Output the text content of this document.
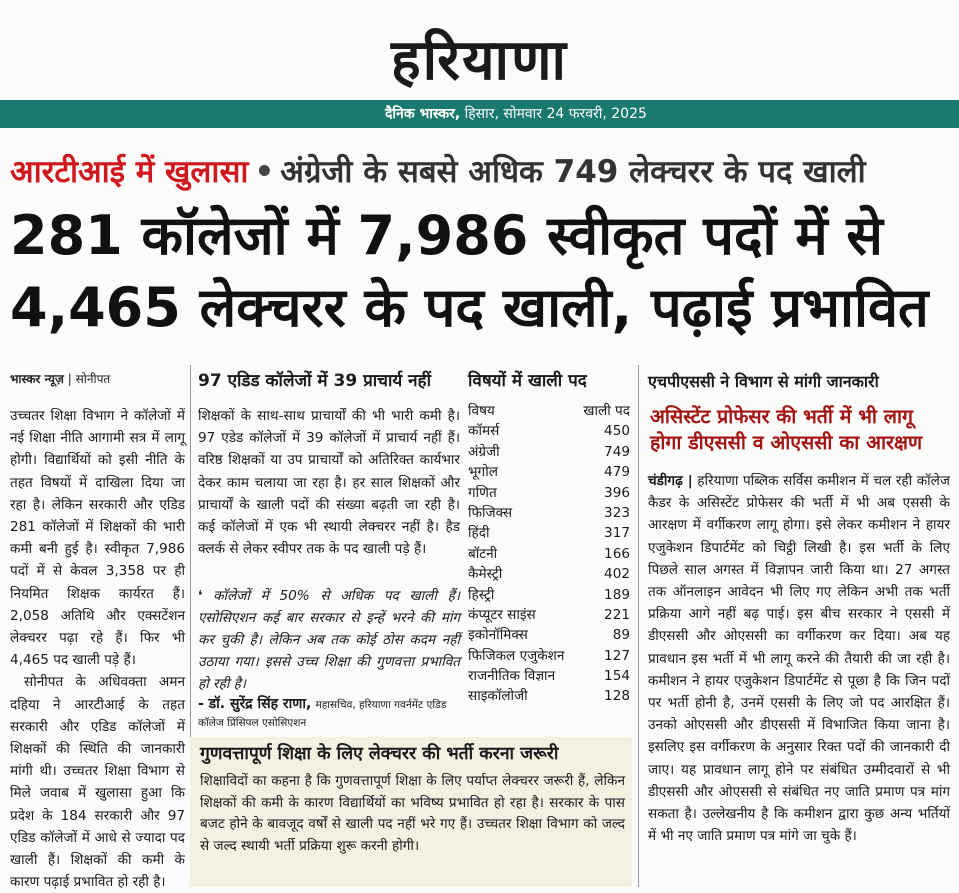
हरियाणा
दैनिक भास्कर, हिसार, सोमवार 24 फरवरी, 2025
आरटीआई में खुलासा • अंग्रेजी के सबसे अधिक 749 लेक्चरर के पद खाली
281 कॉलेजों में 7,986 स्वीकृत पदों में से
4,465 लेक्चरर के पद खाली, पढ़ाई प्रभावित
भास्कर न्यूज़ | सोनीपत
उच्चतर शिक्षा विभाग ने कॉलेजों में नई शिक्षा नीति आगामी सत्र में लागू होगी। विद्यार्थियों को इसी नीति के तहत विषयों में दाखिला दिया जा रहा है। लेकिन सरकारी और एडिड 281 कॉलेजों में शिक्षकों की भारी कमी बनी हुई है। स्वीकृत 7,986 पदों में से केवल 3,358 पर ही नियमित शिक्षक कार्यरत हैं। 2,058 अतिथि और एक्सटेंशन लेक्चरर पढ़ा रहे हैं। फिर भी 4,465 पद खाली पड़े हैं।
सोनीपत के अधिवक्ता अमन दहिया ने आरटीआई के तहत सरकारी और एडिड कॉलेजों में शिक्षकों की स्थिति की जानकारी मांगी थी। उच्चतर शिक्षा विभाग से मिले जवाब में खुलासा हुआ कि प्रदेश के 184 सरकारी और 97 एडिड कॉलेजों में आधे से ज्यादा पद खाली हैं। शिक्षकों की कमी के कारण पढ़ाई प्रभावित हो रही है।
97 एडिड कॉलेजों में 39 प्राचार्य नहीं
शिक्षकों के साथ-साथ प्राचार्यों की भी भारी कमी है। 97 एडेड कॉलेजों में 39 कॉलेजों में प्राचार्य नहीं हैं। वरिष्ठ शिक्षकों या उप प्राचार्यों को अतिरिक्त कार्यभार देकर काम चलाया जा रहा है। हर साल शिक्षकों और प्राचार्यों के खाली पदों की संख्या बढ़ती जा रही है। कई कॉलेजों में एक भी स्थायी लेक्चरर नहीं है। हैड क्लर्क से लेकर स्वीपर तक के पद खाली पड़े हैं।
❛ कॉलेजों में 50% से अधिक पद खाली हैं। एसोसिएशन कई बार सरकार से इन्हें भरने की मांग कर चुकी है। लेकिन अब तक कोई ठोस कदम नहीं उठाया गया। इससे उच्च शिक्षा की गुणवत्ता प्रभावित हो रही है।
- डॉ. सुरेंद्र सिंह राणा, महासचिव, हरियाणा गवर्नमेंट एडिड कॉलेज प्रिंसिपल एसोसिएशन
विषयों में खाली पद
विषय	खाली पद
कॉमर्स	450
अंग्रेजी	749
भूगोल	479
गणित	396
फिजिक्स	323
हिंदी	317
बॉटनी	166
कैमेस्ट्री	402
हिस्ट्री	189
कंप्यूटर साइंस	221
इकोनॉमिक्स	89
फिजिकल एजुकेशन	127
राजनीतिक विज्ञान	154
साइकॉलोजी	128
गुणवत्तापूर्ण शिक्षा के लिए लेक्चरर की भर्ती करना जरूरी
शिक्षाविदों का कहना है कि गुणवत्तापूर्ण शिक्षा के लिए पर्याप्त लेक्चरर जरूरी हैं, लेकिन शिक्षकों की कमी के कारण विद्यार्थियों का भविष्य प्रभावित हो रहा है। सरकार के पास बजट होने के बावजूद वर्षों से खाली पद नहीं भरे गए हैं। उच्चतर शिक्षा विभाग को जल्द से जल्द स्थायी भर्ती प्रक्रिया शुरू करनी होगी।
एचपीएससी ने विभाग से मांगी जानकारी
असिस्टेंट प्रोफेसर की भर्ती में भी लागू होगा डीएससी व ओएससी का आरक्षण
चंडीगढ़ | हरियाणा पब्लिक सर्विस कमीशन में चल रही कॉलेज कैडर के असिस्टेंट प्रोफेसर की भर्ती में भी अब एससी के आरक्षण में वर्गीकरण लागू होगा। इसे लेकर कमीशन ने हायर एजुकेशन डिपार्टमेंट को चिट्ठी लिखी है। इस भर्ती के लिए पिछले साल अगस्त में विज्ञापन जारी किया था। 27 अगस्त तक ऑनलाइन आवेदन भी लिए गए लेकिन अभी तक भर्ती प्रक्रिया आगे नहीं बढ़ पाई। इस बीच सरकार ने एससी में डीएससी और ओएससी का वर्गीकरण कर दिया। अब यह प्रावधान इस भर्ती में भी लागू करने की तैयारी की जा रही है। कमीशन ने हायर एजुकेशन डिपार्टमेंट से पूछा है कि जिन पदों पर भर्ती होनी है, उनमें एससी के लिए जो पद आरक्षित हैं। उनको ओएससी और डीएससी में विभाजित किया जाना है। इसलिए इस वर्गीकरण के अनुसार रिक्त पदों की जानकारी दी जाए। यह प्रावधान लागू होने पर संबंधित उम्मीदवारों से भी डीएससी और ओएससी से संबंधित नए जाति प्रमाण पत्र मांग सकता है। उल्लेखनीय है कि कमीशन द्वारा कुछ अन्य भर्तियों में भी नए जाति प्रमाण पत्र मांगे जा चुके हैं।
